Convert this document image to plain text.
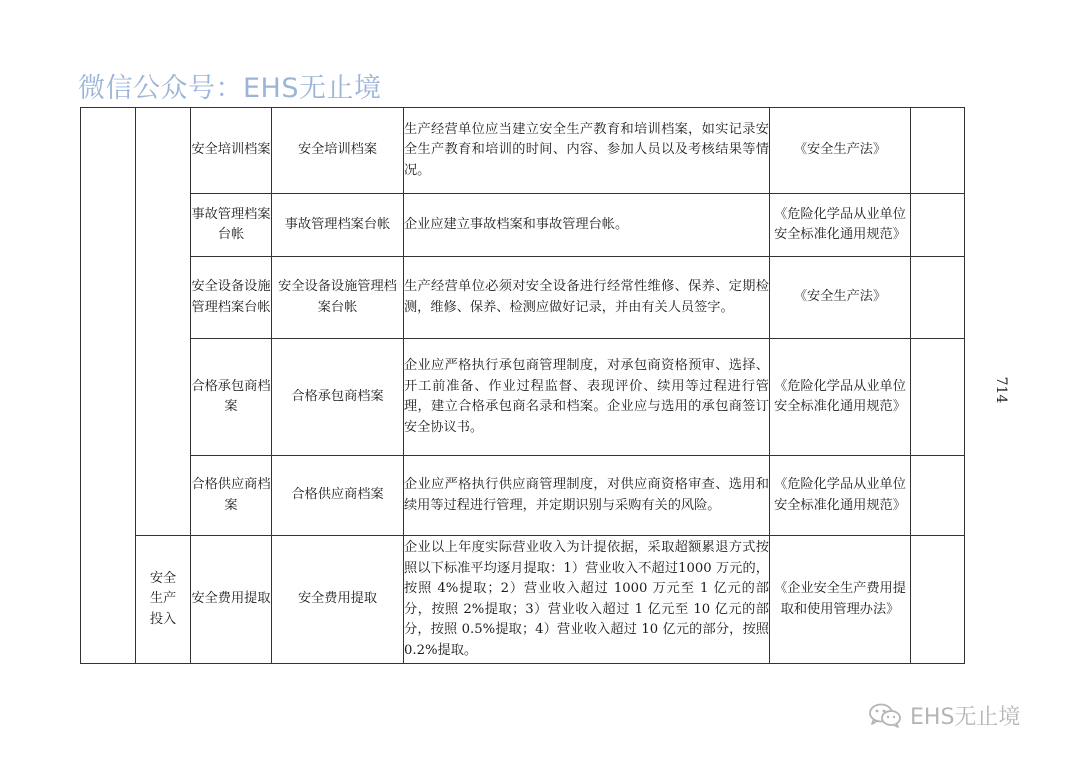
微信公众号：EHS无止境
		安全培训档案	安全培训档案	生产经营单位应当建立安全生产教育和培训档案，如实记录安全生产教育和培训的时间、内容、参加人员以及考核结果等情况。	《安全生产法》	
		事故管理档案台帐	事故管理档案台帐	企业应建立事故档案和事故管理台帐。	《危险化学品从业单位安全标准化通用规范》	
		安全设备设施管理档案台帐	安全设备设施管理档案台帐	生产经营单位必须对安全设备进行经常性维修、保养、定期检测，维修、保养、检测应做好记录，并由有关人员签字。	《安全生产法》	
		合格承包商档案	合格承包商档案	企业应严格执行承包商管理制度，对承包商资格预审、选择、开工前准备、作业过程监督、表现评价、续用等过程进行管理，建立合格承包商名录和档案。企业应与选用的承包商签订安全协议书。	《危险化学品从业单位安全标准化通用规范》	
		合格供应商档案	合格供应商档案	企业应严格执行供应商管理制度，对供应商资格审查、选用和续用等过程进行管理，并定期识别与采购有关的风险。	《危险化学品从业单位安全标准化通用规范》	
	安全生产投入	安全费用提取	安全费用提取	企业以上年度实际营业收入为计提依据，采取超额累退方式按照以下标准平均逐月提取：1）营业收入不超过1000 万元的，按照 4%提取；2）营业收入超过 1000 万元至 1 亿元的部分，按照 2%提取；3）营业收入超过 1 亿元至 10 亿元的部分，按照 0.5%提取；4）营业收入超过 10 亿元的部分，按照 0.2%提取。	《企业安全生产费用提取和使用管理办法》	
714
EHS无止境
